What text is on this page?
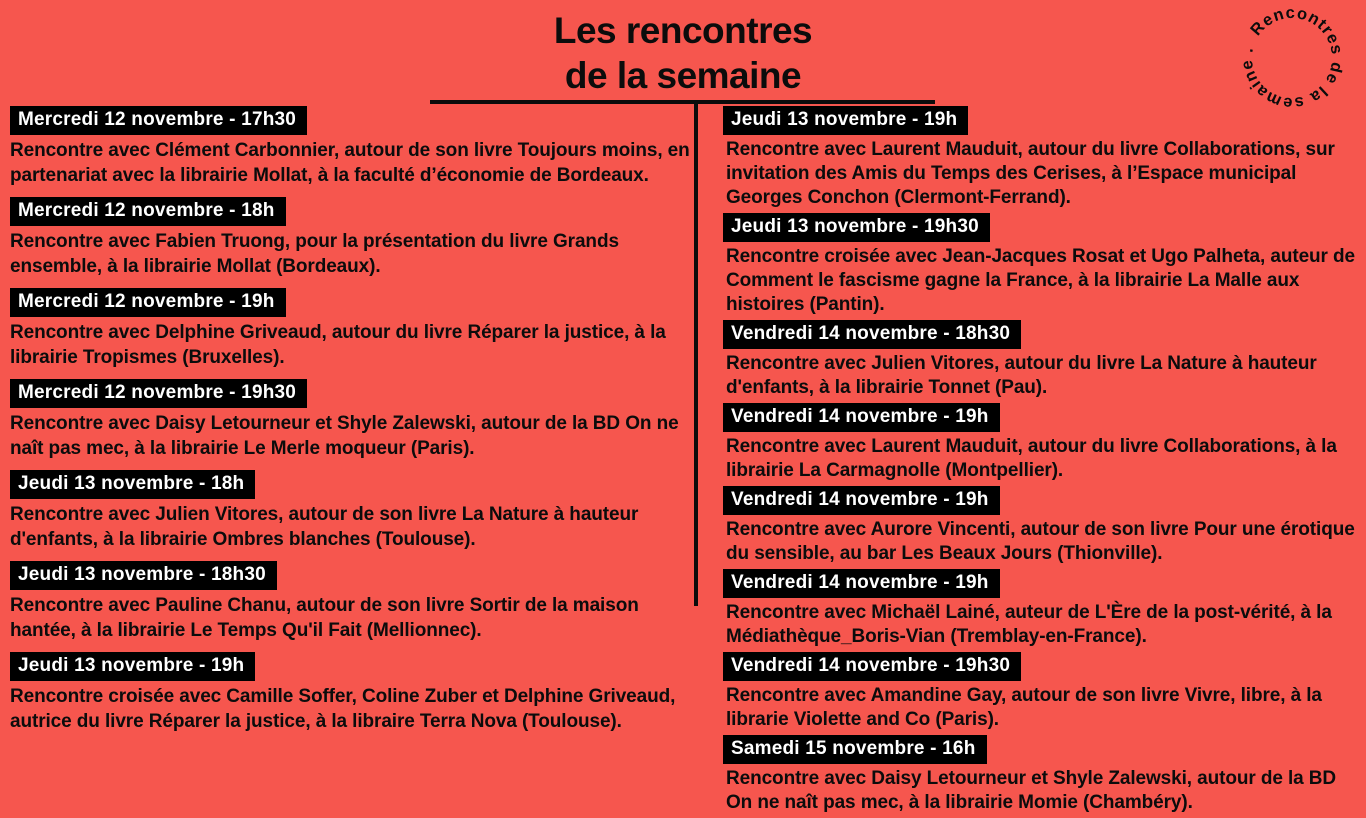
Les rencontres
de la semaine
Rencontres de la semaine .
Mercredi 12 novembre - 17h30
Rencontre avec Clément Carbonnier, autour de son livre Toujours moins, en partenariat avec la librairie Mollat, à la faculté d’économie de Bordeaux.
Mercredi 12 novembre - 18h
Rencontre avec Fabien Truong, pour la présentation du livre Grands ensemble, à la librairie Mollat (Bordeaux).
Mercredi 12 novembre - 19h
Rencontre avec Delphine Griveaud, autour du livre Réparer la justice, à la librairie Tropismes (Bruxelles).
Mercredi 12 novembre - 19h30
Rencontre avec Daisy Letourneur et Shyle Zalewski, autour de la BD On ne naît pas mec, à la librairie Le Merle moqueur (Paris).
Jeudi 13 novembre - 18h
Rencontre avec Julien Vitores, autour de son livre La Nature à hauteur d'enfants, à la librairie Ombres blanches (Toulouse).
Jeudi 13 novembre - 18h30
Rencontre avec Pauline Chanu, autour de son livre Sortir de la maison hantée, à la librairie Le Temps Qu'il Fait (Mellionnec).
Jeudi 13 novembre - 19h
Rencontre croisée avec Camille Soffer, Coline Zuber et Delphine Griveaud, autrice du livre Réparer la justice, à la libraire Terra Nova (Toulouse).
Jeudi 13 novembre - 19h
Rencontre avec Laurent Mauduit, autour du livre Collaborations, sur invitation des Amis du Temps des Cerises, à l’Espace municipal Georges Conchon (Clermont-Ferrand).
Jeudi 13 novembre - 19h30
Rencontre croisée avec Jean-Jacques Rosat et Ugo Palheta, auteur de Comment le fascisme gagne la France, à la librairie La Malle aux histoires (Pantin).
Vendredi 14 novembre - 18h30
Rencontre avec Julien Vitores, autour du livre La Nature à hauteur d'enfants, à la librairie Tonnet (Pau).
Vendredi 14 novembre - 19h
Rencontre avec Laurent Mauduit, autour du livre Collaborations, à la librairie La Carmagnolle (Montpellier).
Vendredi 14 novembre - 19h
Rencontre avec Aurore Vincenti, autour de son livre Pour une érotique du sensible, au bar Les Beaux Jours (Thionville).
Vendredi 14 novembre - 19h
Rencontre avec Michaël Lainé, auteur de L'Ère de la post-vérité, à la Médiathèque_Boris-Vian (Tremblay-en-France).
Vendredi 14 novembre - 19h30
Rencontre avec Amandine Gay, autour de son livre Vivre, libre, à la librarie Violette and Co (Paris).
Samedi 15 novembre - 16h
Rencontre avec Daisy Letourneur et Shyle Zalewski, autour de la BD On ne naît pas mec, à la librairie Momie (Chambéry).
